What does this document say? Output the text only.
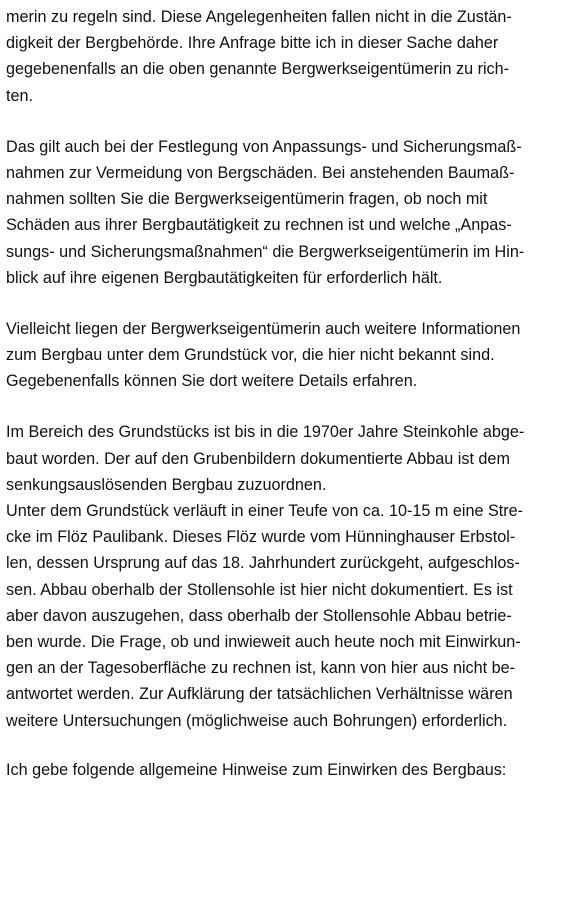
merin zu regeln sind. Diese Angelegenheiten fallen nicht in die Zustän-
digkeit der Bergbehörde. Ihre Anfrage bitte ich in dieser Sache daher
gegebenenfalls an die oben genannte Bergwerkseigentümerin zu rich-
ten.

Das gilt auch bei der Festlegung von Anpassungs- und Sicherungsmaß-
nahmen zur Vermeidung von Bergschäden. Bei anstehenden Baumaß-
nahmen sollten Sie die Bergwerkseigentümerin fragen, ob noch mit
Schäden aus ihrer Bergbautätigkeit zu rechnen ist und welche „Anpas-
sungs- und Sicherungsmaßnahmen“ die Bergwerkseigentümerin im Hin-
blick auf ihre eigenen Bergbautätigkeiten für erforderlich hält.

Vielleicht liegen der Bergwerkseigentümerin auch weitere Informationen
zum Bergbau unter dem Grundstück vor, die hier nicht bekannt sind.
Gegebenenfalls können Sie dort weitere Details erfahren.

Im Bereich des Grundstücks ist bis in die 1970er Jahre Steinkohle abge-
baut worden. Der auf den Grubenbildern dokumentierte Abbau ist dem
senkungsauslösenden Bergbau zuzuordnen.
Unter dem Grundstück verläuft in einer Teufe von ca. 10-15 m eine Stre-
cke im Flöz Paulibank. Dieses Flöz wurde vom Hünninghauser Erbstol-
len, dessen Ursprung auf das 18. Jahrhundert zurückgeht, aufgeschlos-
sen. Abbau oberhalb der Stollensohle ist hier nicht dokumentiert. Es ist
aber davon auszugehen, dass oberhalb der Stollensohle Abbau betrie-
ben wurde. Die Frage, ob und inwieweit auch heute noch mit Einwirkun-
gen an der Tagesoberfläche zu rechnen ist, kann von hier aus nicht be-
antwortet werden. Zur Aufklärung der tatsächlichen Verhältnisse wären
weitere Untersuchungen (möglichweise auch Bohrungen) erforderlich.

Ich gebe folgende allgemeine Hinweise zum Einwirken des Bergbaus:
